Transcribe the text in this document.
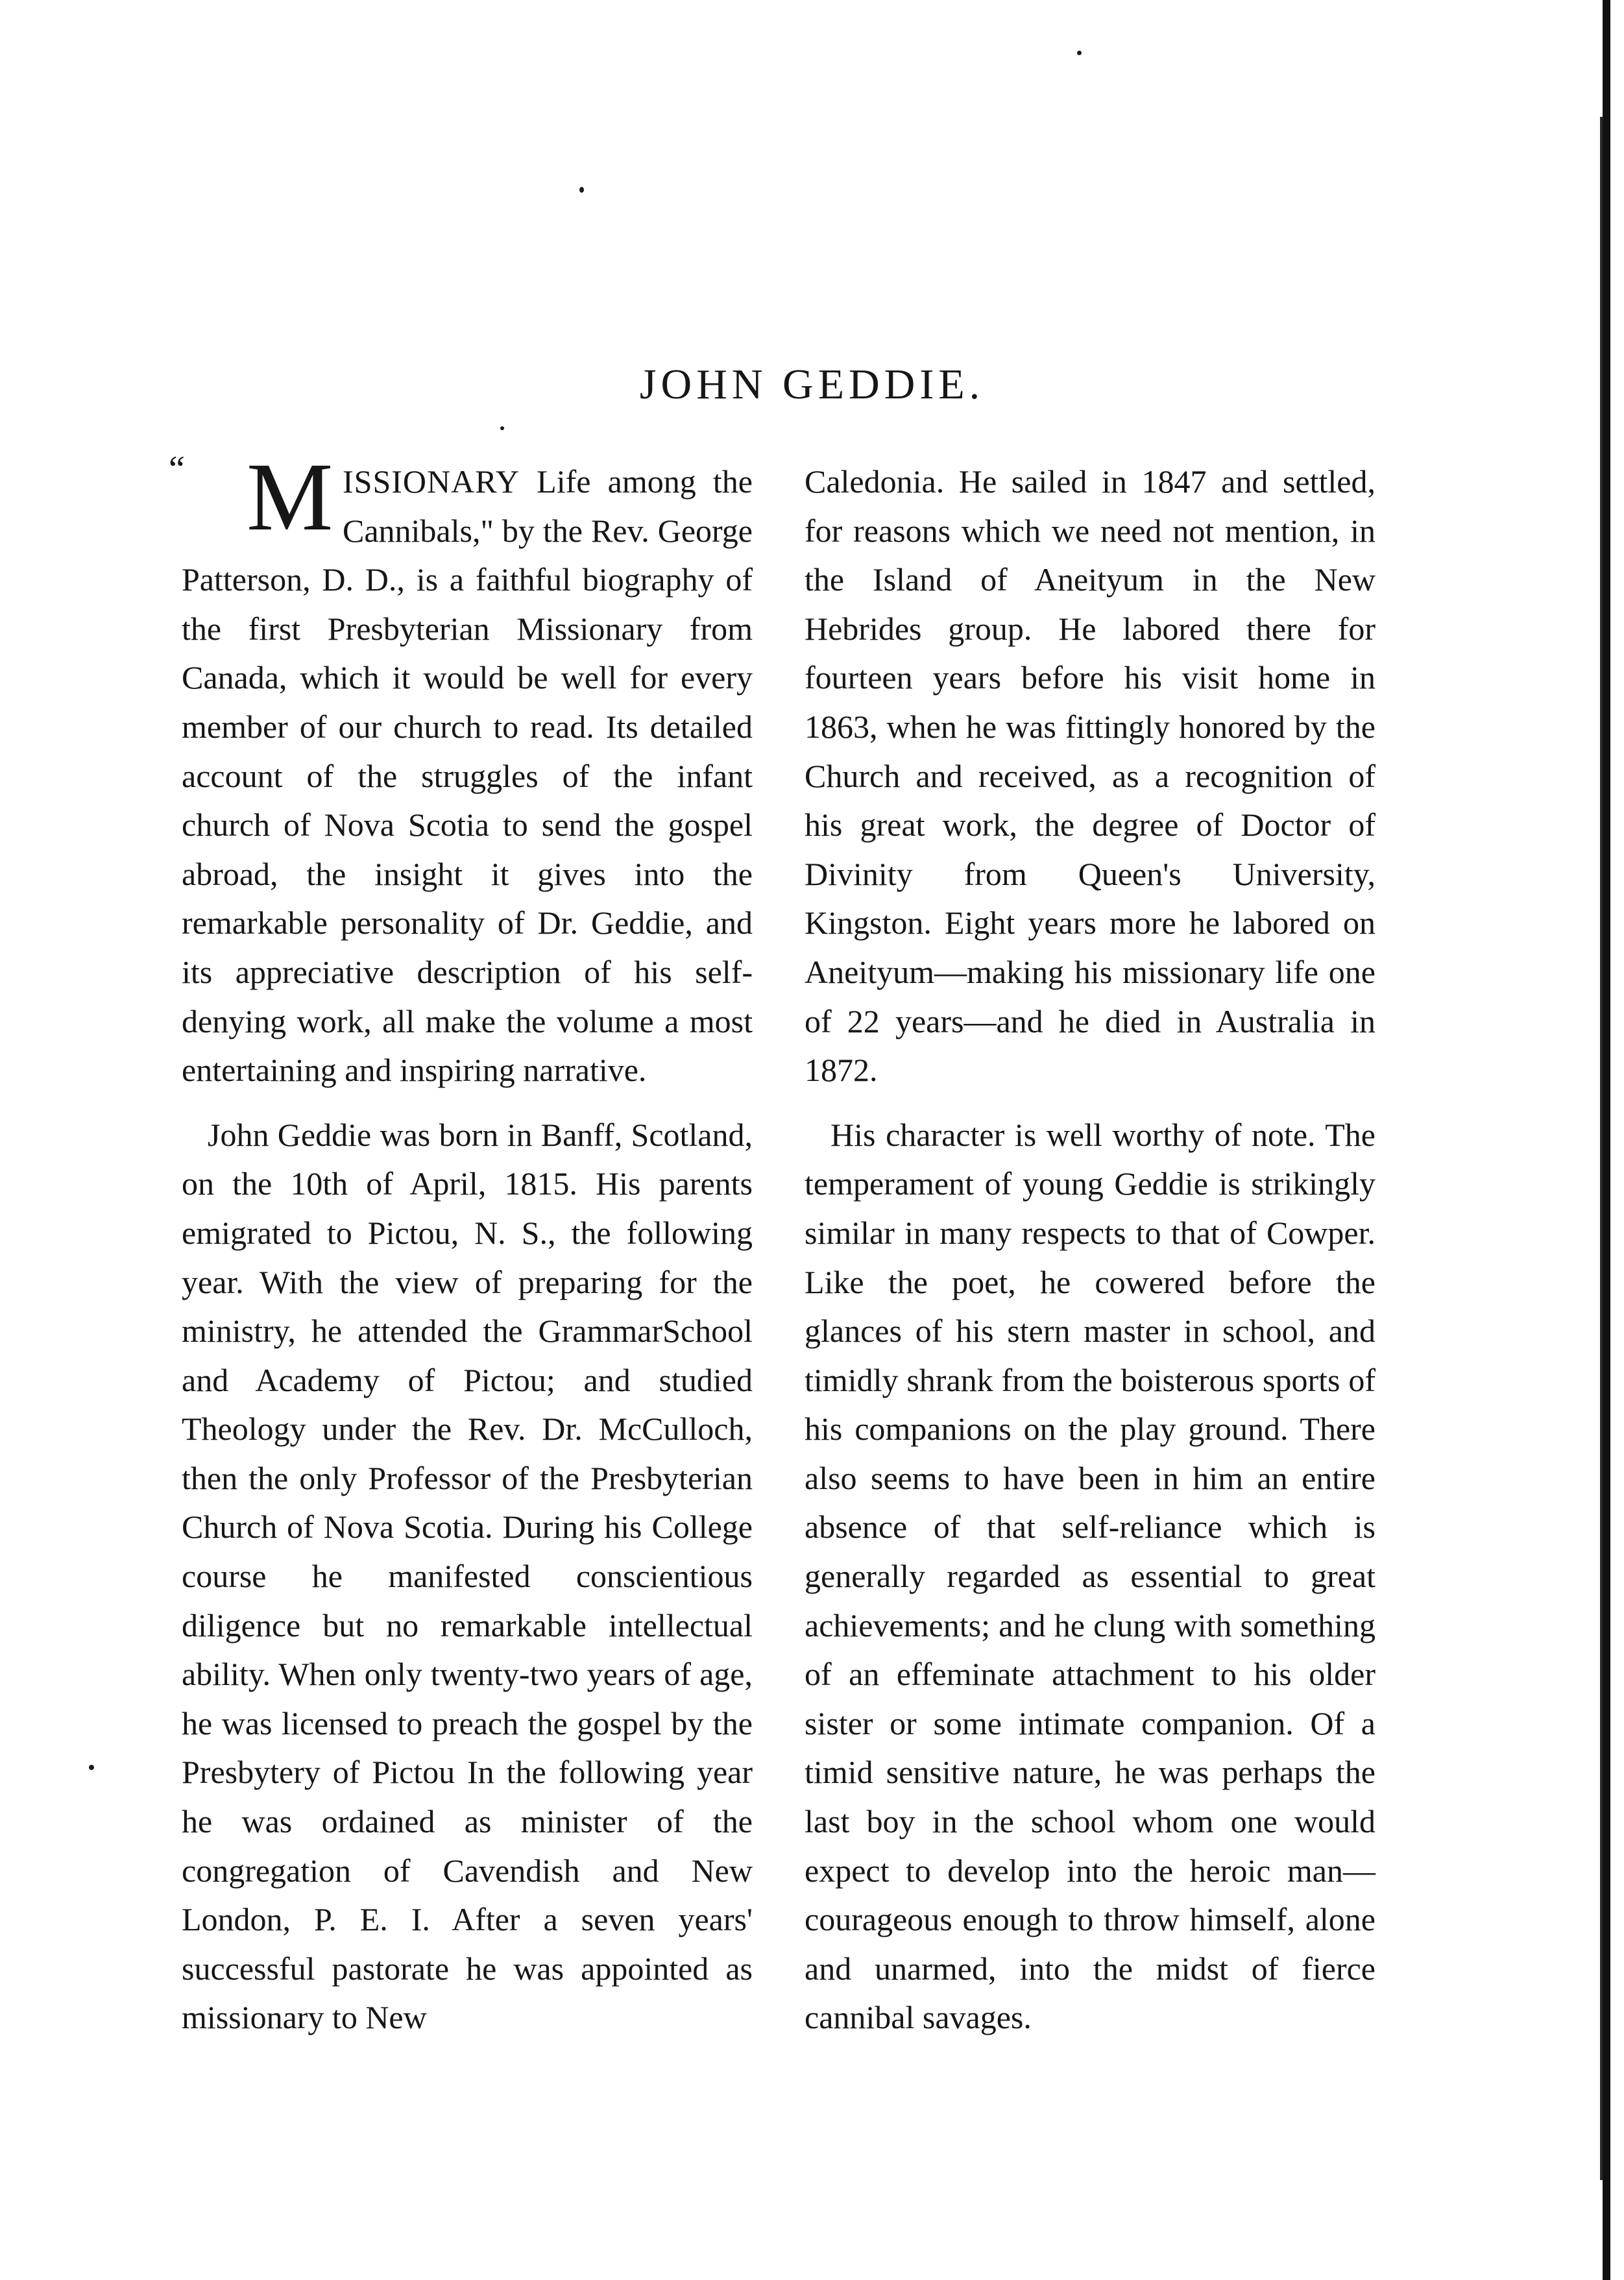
JOHN GEDDIE.

“ M ISSIONARY Life among the Cannibals," by the Rev. George Patterson, D. D., is a faithful biography of the first Presbyterian Missionary from Canada, which it would be well for every member of our church to read. Its detailed account of the struggles of the infant church of Nova Scotia to send the gospel abroad, the insight it gives into the remarkable personality of Dr. Geddie, and its appreciative description of his self-denying work, all make the volume a most entertaining and inspiring narrative.

John Geddie was born in Banff, Scotland, on the 10th of April, 1815. His parents emigrated to Pictou, N. S., the following year. With the view of preparing for the ministry, he attended the GrammarSchool and Academy of Pictou; and studied Theology under the Rev. Dr. McCulloch, then the only Professor of the Presbyterian Church of Nova Scotia. During his College course he manifested conscientious diligence but no remarkable intellectual ability. When only twenty-two years of age, he was licensed to preach the gospel by the Presbytery of Pictou In the following year he was ordained as minister of the congregation of Cavendish and New London, P. E. I. After a seven years' successful pastorate he was appointed as missionary to New

Caledonia. He sailed in 1847 and settled, for reasons which we need not mention, in the Island of Aneityum in the New Hebrides group. He labored there for fourteen years before his visit home in 1863, when he was fittingly honored by the Church and received, as a recognition of his great work, the degree of Doctor of Divinity from Queen's University, Kingston. Eight years more he labored on Aneityum—making his missionary life one of 22 years—and he died in Australia in 1872.

His character is well worthy of note. The temperament of young Geddie is strikingly similar in many respects to that of Cowper. Like the poet, he cowered before the glances of his stern master in school, and timidly shrank from the boisterous sports of his companions on the play ground. There also seems to have been in him an entire absence of that self-reliance which is generally regarded as essential to great achievements; and he clung with something of an effeminate attachment to his older sister or some intimate companion. Of a timid sensitive nature, he was perhaps the last boy in the school whom one would expect to develop into the heroic man—courageous enough to throw himself, alone and unarmed, into the midst of fierce cannibal savages.
